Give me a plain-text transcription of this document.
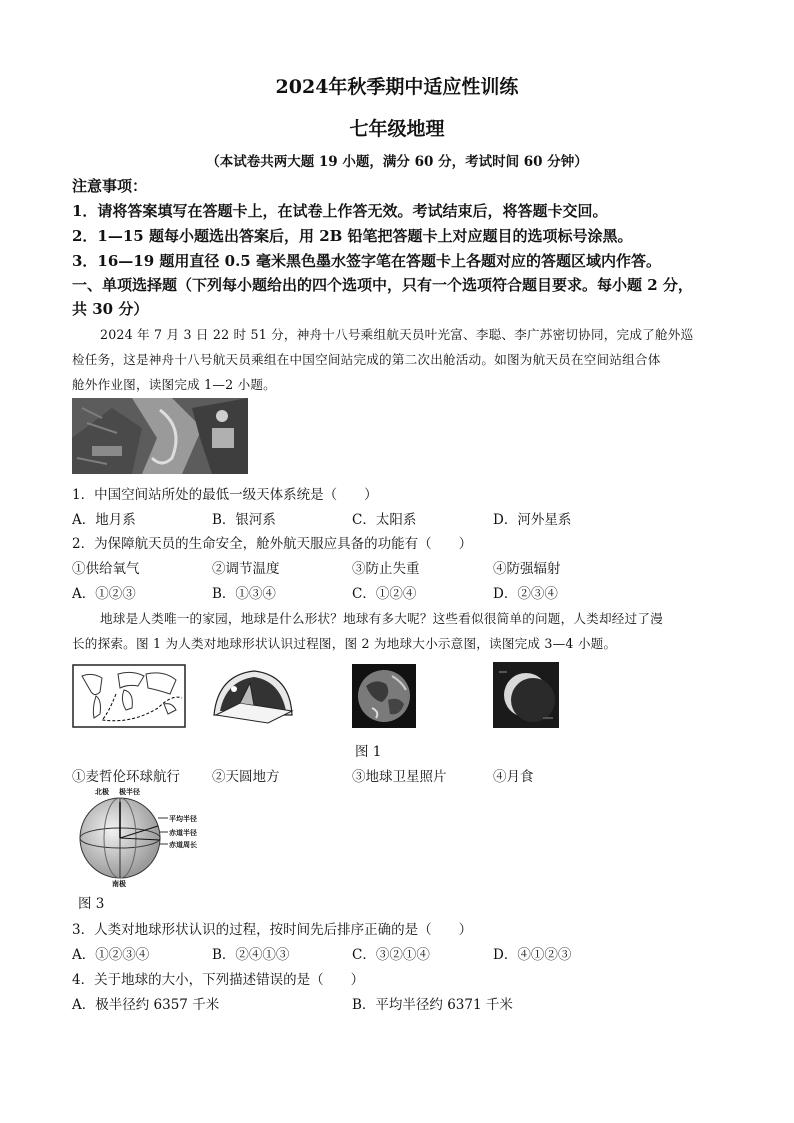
2024年秋季期中适应性训练
七年级地理
（本试卷共两大题 19 小题，满分 60 分，考试时间 60 分钟）
注意事项：
1．请将答案填写在答题卡上，在试卷上作答无效。考试结束后，将答题卡交回。
2．1—15 题每小题选出答案后，用 2B 铅笔把答题卡上对应题目的选项标号涂黑。
3．16—19 题用直径 0.5 毫米黑色墨水签字笔在答题卡上各题对应的答题区域内作答。
一、单项选择题（下列每小题给出的四个选项中，只有一个选项符合题目要求。每小题 2 分，
共 30 分）
2024 年 7 月 3 日 22 时 51 分，神舟十八号乘组航天员叶光富、李聪、李广苏密切协同，完成了舱外巡
检任务，这是神舟十八号航天员乘组在中国空间站完成的第二次出舱活动。如图为航天员在空间站组合体
舱外作业图，读图完成 1—2 小题。
1．中国空间站所处的最低一级天体系统是（　　）
A．地月系	B．银河系	C．太阳系	D．河外星系
2．为保障航天员的生命安全，舱外航天服应具备的功能有（　　）
①供给氧气	②调节温度	③防止失重	④防强辐射
A．①②③	B．①③④	C．①②④	D．②③④
地球是人类唯一的家园，地球是什么形状？地球有多大呢？这些看似很简单的问题，人类却经过了漫
长的探索。图 1 为人类对地球形状认识过程图，图 2 为地球大小示意图，读图完成 3—4 小题。
图 1
①麦哲伦环球航行 ②天圆地方	③地球卫星照片	④月食
北极 极半径
平均半径
赤道半径
赤道周长
南极
图 3
3．人类对地球形状认识的过程，按时间先后排序正确的是（　　）
A．①②③④	B．②④①③	C．③②①④	D．④①②③
4．关于地球的大小，下列描述错误的是（　　）
A．极半径约 6357 千米	B．平均半径约 6371 千米
